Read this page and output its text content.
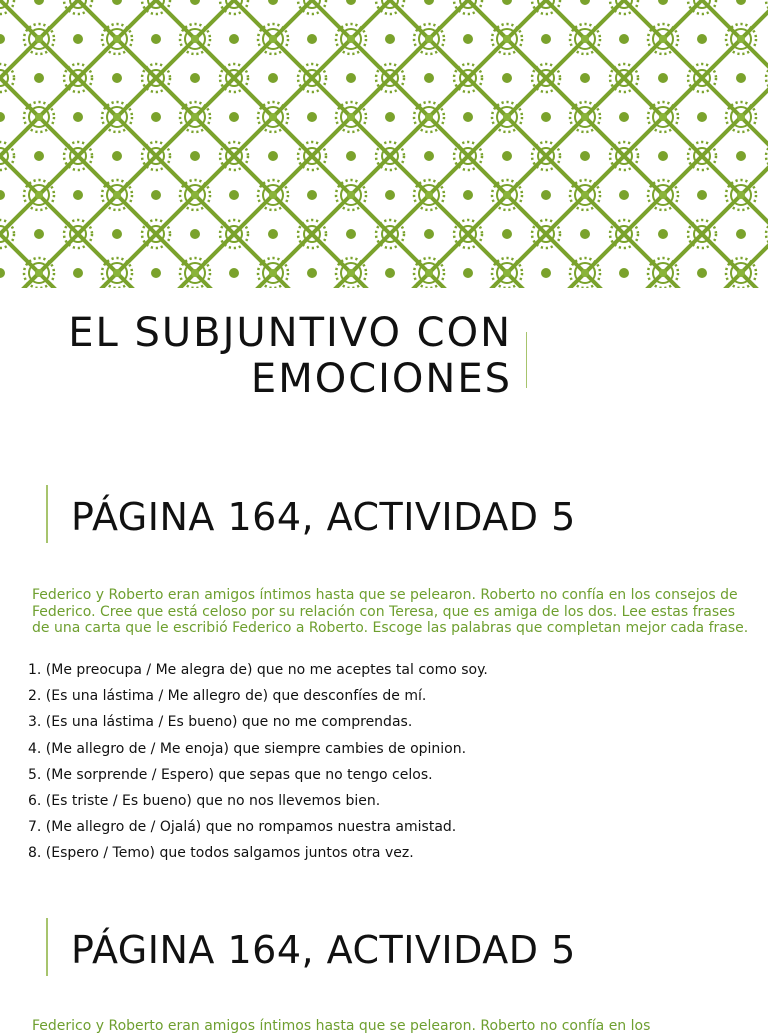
EL SUBJUNTIVO CON
EMOCIONES
PÁGINA 164, ACTIVIDAD 5
Federico y Roberto eran amigos íntimos hasta que se pelearon. Roberto no confía en los consejos de Federico. Cree que está celoso por su relación con Teresa, que es amiga de los dos. Lee estas frases de una carta que le escribió Federico a Roberto. Escoge las palabras que completan mejor cada frase.
1. (Me preocupa / Me alegra de) que no me aceptes tal como soy.
2. (Es una lástima / Me allegro de) que desconfíes de mí.
3. (Es una lástima / Es bueno) que no me comprendas.
4. (Me allegro de / Me enoja) que siempre cambies de opinion.
5. (Me sorprende / Espero) que sepas que no tengo celos.
6. (Es triste / Es bueno) que no nos llevemos bien.
7. (Me allegro de / Ojalá) que no rompamos nuestra amistad.
8. (Espero / Temo) que todos salgamos juntos otra vez.
PÁGINA 164, ACTIVIDAD 5
Federico y Roberto eran amigos íntimos hasta que se pelearon. Roberto no confía en los
